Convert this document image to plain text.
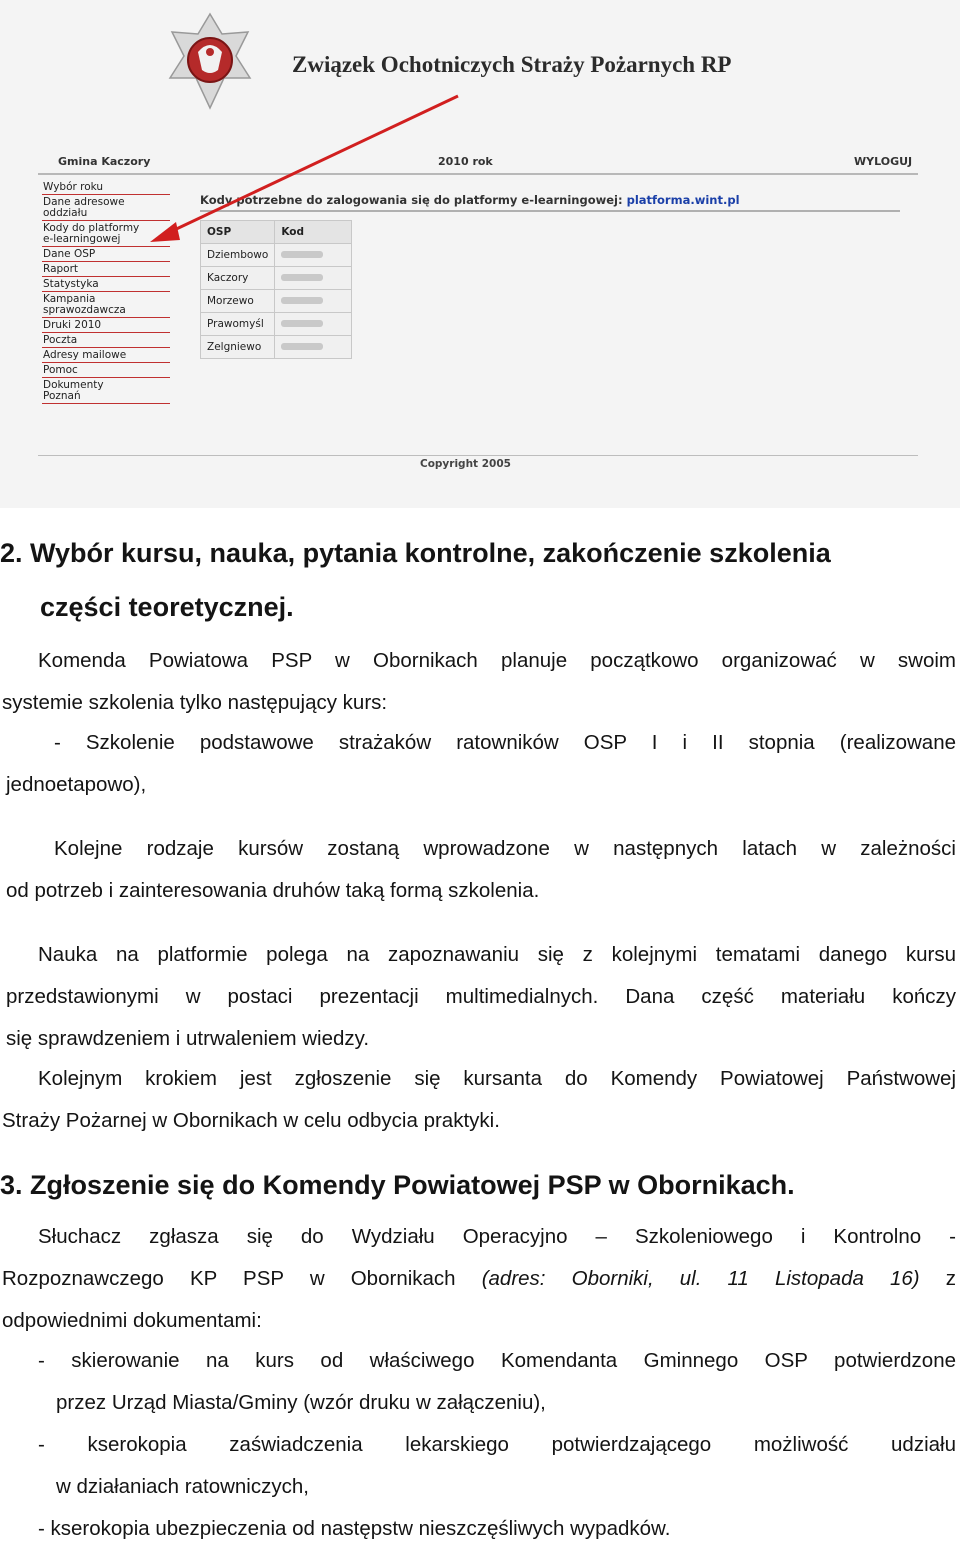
Związek Ochotniczych Straży Pożarnych RP
Gmina Kaczory	2010 rok	WYLOGUJ
Wybór roku
Dane adresowe
oddziału
Kody do platformy
e-learningowej
Dane OSP
Raport
Statystyka
Kampania
sprawozdawcza
Druki 2010
Poczta
Adresy mailowe
Pomoc
Dokumenty
Poznań
Kody potrzebne do zalogowania się do platformy e-learningowej: platforma.wint.pl
OSP	Kod
Dziembowo	
Kaczory	
Morzewo	
Prawomyśl	
Zelgniewo	
Copyright 2005
2. Wybór kursu, nauka, pytania kontrolne, zakończenie szkolenia
części teoretycznej.
Komenda Powiatowa PSP w Obornikach planuje początkowo organizować w swoim
systemie szkolenia tylko następujący kurs:
- Szkolenie podstawowe strażaków ratowników OSP I i II stopnia (realizowane
jednoetapowo),
Kolejne rodzaje kursów zostaną wprowadzone w następnych latach w zależności
od potrzeb i zainteresowania druhów taką formą szkolenia.
Nauka na platformie polega na zapoznawaniu się z kolejnymi tematami danego kursu
przedstawionymi w postaci prezentacji multimedialnych. Dana część materiału kończy
się sprawdzeniem i utrwaleniem wiedzy.
Kolejnym krokiem jest zgłoszenie się kursanta do Komendy Powiatowej Państwowej
Straży Pożarnej w Obornikach w celu odbycia praktyki.
3. Zgłoszenie się do Komendy Powiatowej PSP w Obornikach.
Słuchacz zgłasza się do Wydziału Operacyjno – Szkoleniowego i Kontrolno -
Rozpoznawczego KP PSP w Obornikach (adres: Oborniki, ul. 11 Listopada 16) z
odpowiednimi dokumentami:
- skierowanie na kurs od właściwego Komendanta Gminnego OSP potwierdzone
przez Urząd Miasta/Gminy (wzór druku w załączeniu),
- kserokopia zaświadczenia lekarskiego potwierdzającego możliwość udziału
w działaniach ratowniczych,
- kserokopia ubezpieczenia od następstw nieszczęśliwych wypadków.
